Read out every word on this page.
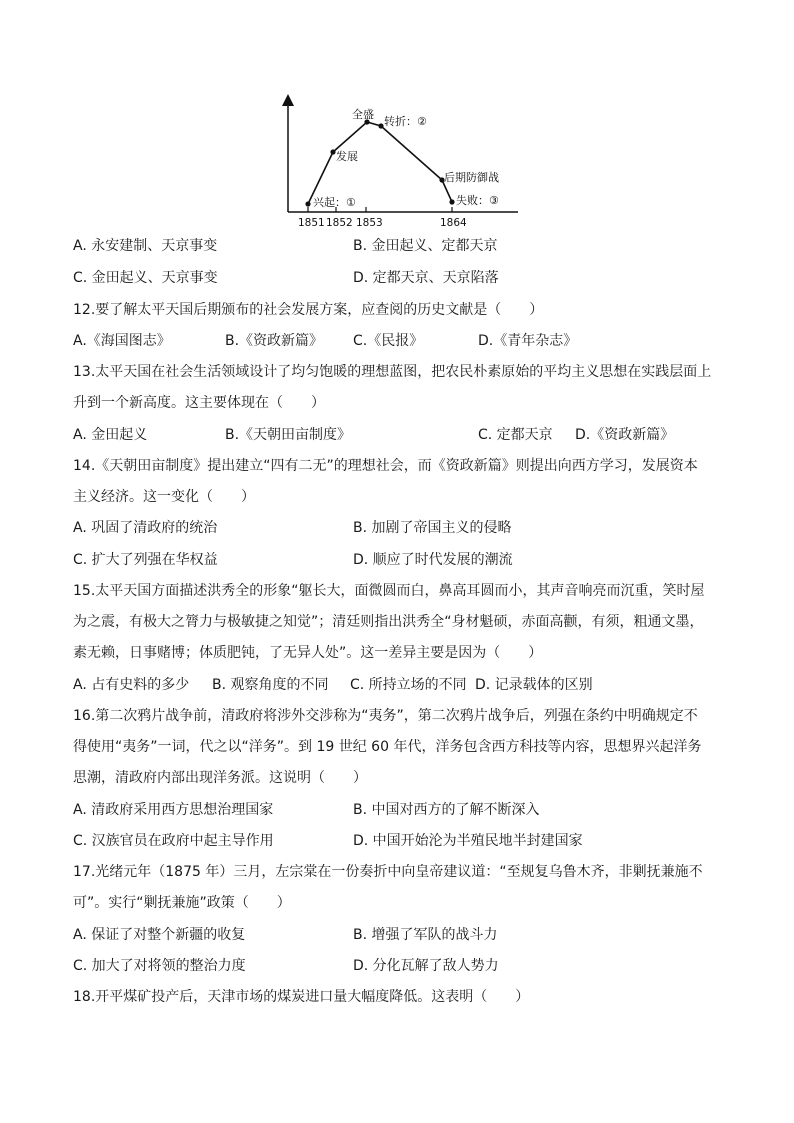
兴起：①
发展
全盛
转折：②
后期防御战
失败：③
1851 1852 1853	1864
A. 永安建制、天京事变	B. 金田起义、定都天京
C. 金田起义、天京事变	D. 定都天京、天京陷落
12.要了解太平天国后期颁布的社会发展方案，应查阅的历史文献是（　　）
A.《海国图志》	B.《资政新篇》 C.《民报》	D.《青年杂志》
13.太平天国在社会生活领域设计了均匀饱暖的理想蓝图，把农民朴素原始的平均主义思想在实践层面上
升到一个新高度。这主要体现在（　　）
A. 金田起义	B.《天朝田亩制度》	C. 定都天京 D.《资政新篇》
14.《天朝田亩制度》提出建立“四有二无”的理想社会，而《资政新篇》则提出向西方学习，发展资本
主义经济。这一变化（　　）
A. 巩固了清政府的统治	B. 加剧了帝国主义的侵略
C. 扩大了列强在华权益	D. 顺应了时代发展的潮流
15.太平天国方面描述洪秀全的形象“躯长大，面微圆而白，鼻高耳圆而小，其声音响亮而沉重，笑时屋
为之震，有极大之膂力与极敏捷之知觉”；清廷则指出洪秀全“身材魁硕，赤面高颧，有须，粗通文墨，
素无赖，日事赌博；体质肥钝，了无异人处”。这一差异主要是因为（　　）
A. 占有史料的多少 B. 观察角度的不同 C. 所持立场的不同 D. 记录载体的区别
16.第二次鸦片战争前，清政府将涉外交涉称为“夷务”，第二次鸦片战争后，列强在条约中明确规定不
得使用“夷务”一词，代之以“洋务”。到 19 世纪 60 年代，洋务包含西方科技等内容，思想界兴起洋务
思潮，清政府内部出现洋务派。这说明（　　）
A. 清政府采用西方思想治理国家	B. 中国对西方的了解不断深入
C. 汉族官员在政府中起主导作用	D. 中国开始沦为半殖民地半封建国家
17.光绪元年（1875 年）三月，左宗棠在一份奏折中向皇帝建议道：“至规复乌鲁木齐，非剿抚兼施不
可”。实行“剿抚兼施”政策（　　）
A. 保证了对整个新疆的收复	B. 增强了军队的战斗力
C. 加大了对将领的整治力度	D. 分化瓦解了敌人势力
18.开平煤矿投产后，天津市场的煤炭进口量大幅度降低。这表明（　　）
